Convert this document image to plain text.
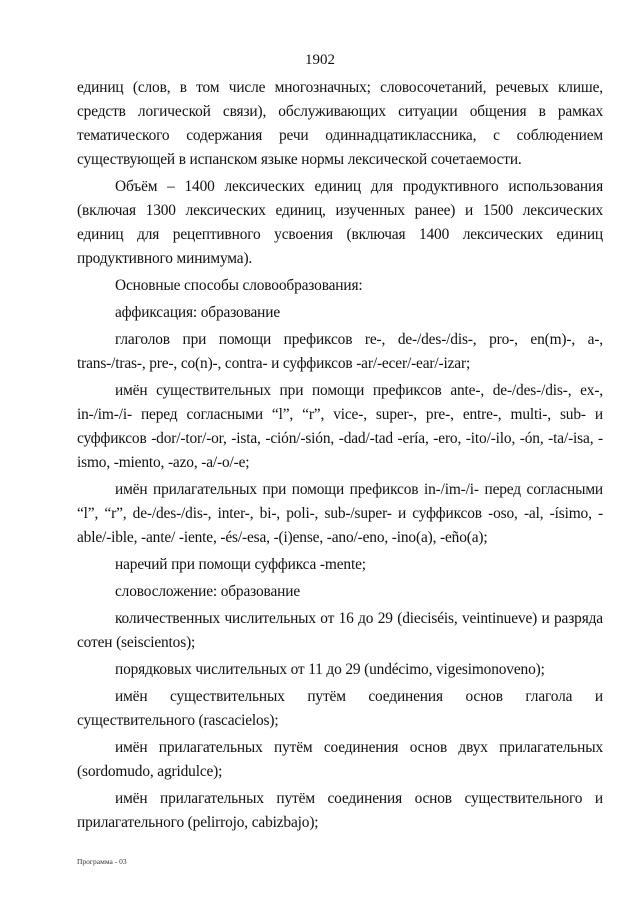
1902

единиц (слов, в том числе многозначных; словосочетаний, речевых клише, средств логической связи), обслуживающих ситуации общения в рамках тематического содержания речи одиннадцатиклассника, с соблюдением существующей в испанском языке нормы лексической сочетаемости.

Объём – 1400 лексических единиц для продуктивного использования (включая 1300 лексических единиц, изученных ранее) и 1500 лексических единиц для рецептивного усвоения (включая 1400 лексических единиц продуктивного минимума).

Основные способы словообразования:

аффиксация: образование

глаголов при помощи префиксов re-, de-/des-/dis-, pro-, en(m)-, a-, trans-/tras-, pre-, co(n)-, contra- и суффиксов -ar/-ecer/-ear/-izar;

имён существительных при помощи префиксов ante-, de-/des-/dis-, ex-, in-/im-/i- перед согласными “l”, “r”, vice-, super-, pre-, entre-, multi-, sub- и суффиксов -dor/-tor/-or, -ista, -ción/-sión, -dad/-tad -ería, -ero, -ito/-ilo, -ón, -ta/-isa, -ismo, -miento, -azo, -a/-o/-e;

имён прилагательных при помощи префиксов in-/im-/i- перед согласными “l”, “r”, de-/des-/dis-, inter-, bi-, poli-, sub-/super- и суффиксов -oso, -al, -ísimo, -able/-ible, -ante/ -iente, -és/-esa, -(i)ense, -ano/-eno, -ino(a), -eño(a);

наречий при помощи суффикса -mente;

словосложение: образование

количественных числительных от 16 до 29 (dieciséis, veintinueve) и разряда сотен (seiscientos);

порядковых числительных от 11 до 29 (undécimo, vigesimonoveno);

имён существительных путём соединения основ глагола и существительного (rascacielos);

имён прилагательных путём соединения основ двух прилагательных (sordomudo, agridulce);

имён прилагательных путём соединения основ существительного и прилагательного (pelirrojo, cabizbajo);

Программа - 03
